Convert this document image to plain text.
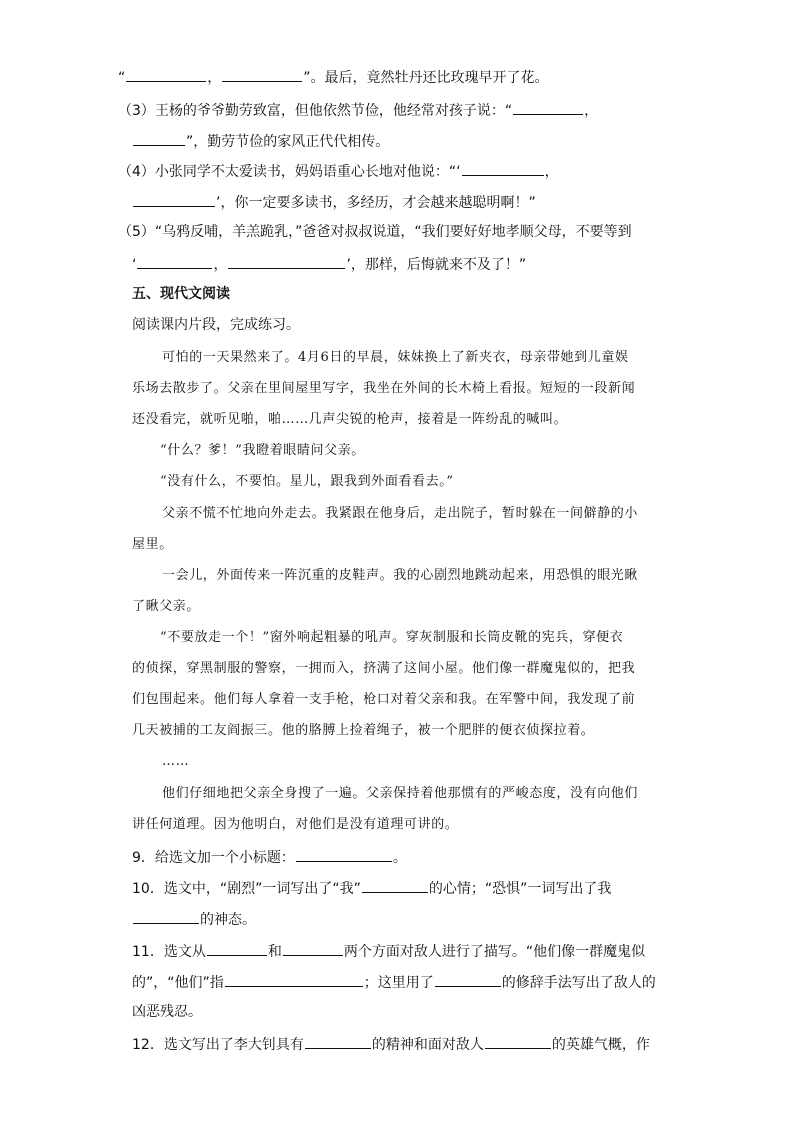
“	，	”。最后，竟然牡丹还比玫瑰早开了花。
（3）王杨的爷爷勤劳致富，但他依然节俭，他经常对孩子说：“	，
”，勤劳节俭的家风正代代相传。
（4）小张同学不太爱读书，妈妈语重心长地对他说：“‘	，
’，你一定要多读书，多经历，才会越来越聪明啊！”
（5）“乌鸦反哺，羊羔跪乳，”爸爸对叔叔说道，“我们要好好地孝顺父母，不要等到
‘	，	’，那样，后悔就来不及了！”
五、现代文阅读
阅读课内片段，完成练习。
可怕的一天果然来了。4月6日的早晨，妹妹换上了新夹衣，母亲带她到儿童娱
乐场去散步了。父亲在里间屋里写字，我坐在外间的长木椅上看报。短短的一段新闻
还没看完，就听见啪，啪……几声尖锐的枪声，接着是一阵纷乱的喊叫。
“什么？爹！”我瞪着眼睛问父亲。
“没有什么，不要怕。星儿，跟我到外面看看去。”
父亲不慌不忙地向外走去。我紧跟在他身后，走出院子，暂时躲在一间僻静的小
屋里。
一会儿，外面传来一阵沉重的皮鞋声。我的心剧烈地跳动起来，用恐惧的眼光瞅
了瞅父亲。
“不要放走一个！”窗外响起粗暴的吼声。穿灰制服和长筒皮靴的宪兵，穿便衣
的侦探，穿黑制服的警察，一拥而入，挤满了这间小屋。他们像一群魔鬼似的，把我
们包围起来。他们每人拿着一支手枪，枪口对着父亲和我。在军警中间，我发现了前
几天被捕的工友阎振三。他的胳膊上捡着绳子，被一个肥胖的便衣侦探拉着。
……
他们仔细地把父亲全身搜了一遍。父亲保持着他那惯有的严峻态度，没有向他们
讲任何道理。因为他明白，对他们是没有道理可讲的。
9．给选文加一个小标题：	。
10．选文中，“剧烈”一词写出了“我”	的心情；“恐惧”一词写出了我
的神态。
11．选文从	和	两个方面对敌人进行了描写。“他们像一群魔鬼似
的”，“他们”指	；这里用了	的修辞手法写出了敌人的
凶恶残忍。
12．选文写出了李大钊具有	的精神和面对敌人	的英雄气概，作
